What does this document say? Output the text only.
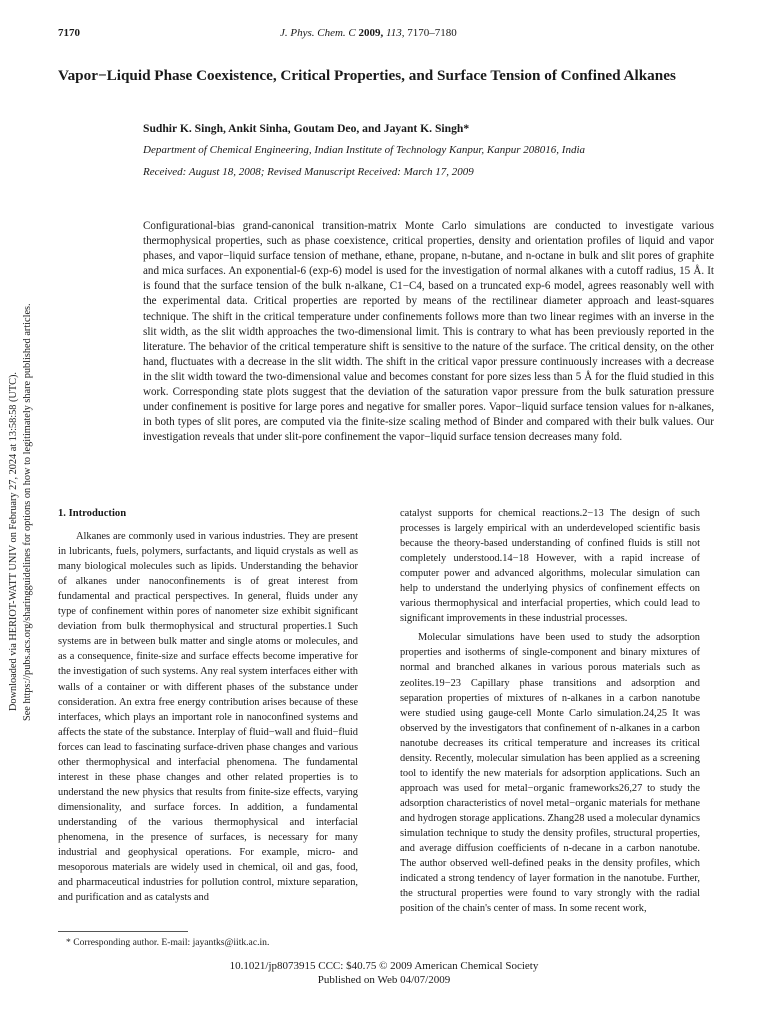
7170	J. Phys. Chem. C 2009, 113, 7170–7180
Vapor−Liquid Phase Coexistence, Critical Properties, and Surface Tension of Confined Alkanes
Sudhir K. Singh, Ankit Sinha, Goutam Deo, and Jayant K. Singh*
Department of Chemical Engineering, Indian Institute of Technology Kanpur, Kanpur 208016, India
Received: August 18, 2008; Revised Manuscript Received: March 17, 2009
Configurational-bias grand-canonical transition-matrix Monte Carlo simulations are conducted to investigate various thermophysical properties, such as phase coexistence, critical properties, density and orientation profiles of liquid and vapor phases, and vapor−liquid surface tension of methane, ethane, propane, n-butane, and n-octane in bulk and slit pores of graphite and mica surfaces. An exponential-6 (exp-6) model is used for the investigation of normal alkanes with a cutoff radius, 15 Å. It is found that the surface tension of the bulk n-alkane, C1−C4, based on a truncated exp-6 model, agrees reasonably well with the experimental data. Critical properties are reported by means of the rectilinear diameter approach and least-squares technique. The shift in the critical temperature under confinements follows more than two linear regimes with an inverse in the slit width, as the slit width approaches the two-dimensional limit. This is contrary to what has been previously reported in the literature. The behavior of the critical temperature shift is sensitive to the nature of the surface. The critical density, on the other hand, fluctuates with a decrease in the slit width. The shift in the critical vapor pressure continuously increases with a decrease in the slit width toward the two-dimensional value and becomes constant for pore sizes less than 5 Å for the fluid studied in this work. Corresponding state plots suggest that the deviation of the saturation vapor pressure from the bulk saturation pressure under confinement is positive for large pores and negative for smaller pores. Vapor−liquid surface tension values for n-alkanes, in both types of slit pores, are computed via the finite-size scaling method of Binder and compared with their bulk values. Our investigation reveals that under slit-pore confinement the vapor−liquid surface tension decreases many fold.
Downloaded via HERIOT-WATT UNIV on February 27, 2024 at 13:58:58 (UTC). See https://pubs.acs.org/sharingguidelines for options on how to legitimately share published articles. 1. Introduction

Alkanes are commonly used in various industries. They are present in lubricants, fuels, polymers, surfactants, and liquid crystals as well as many biological molecules such as lipids. Understanding the behavior of alkanes under nanoconfinements is of great interest from fundamental and practical perspectives. In general, fluids under any type of confinement within pores of nanometer size exhibit significant deviation from bulk thermophysical and structural properties.1 Such systems are in between bulk matter and single atoms or molecules, and as a consequence, finite-size and surface effects become imperative for the investigation of such systems. Any real system interfaces either with walls of a container or with different phases of the substance under consideration. An extra free energy contribution arises because of these interfaces, which plays an important role in nanoconfined systems and affects the state of the substance. Interplay of fluid−wall and fluid−fluid forces can lead to fascinating surface-driven phase changes and various other thermophysical and interfacial phenomena. The fundamental interest in these phase changes and other related properties is to understand the new physics that results from finite-size effects, varying dimensionality, and surface forces. In addition, a fundamental understanding of the various thermophysical and interfacial phenomena, in the presence of surfaces, is necessary for many industrial and geophysical operations. For example, micro- and mesoporous materials are widely used in chemical, oil and gas, food, and pharmaceutical industries for pollution control, mixture separation, and purification and as catalysts and

catalyst supports for chemical reactions.2−13 The design of such processes is largely empirical with an underdeveloped scientific basis because the theory-based understanding of confined fluids is still not completely understood.14−18 However, with a rapid increase of computer power and advanced algorithms, molecular simulation can help to understand the underlying physics of confinement effects on various thermophysical and interfacial properties, which could lead to significant improvements in these industrial processes.

Molecular simulations have been used to study the adsorption properties and isotherms of single-component and binary mixtures of normal and branched alkanes in various porous materials such as zeolites.19−23 Capillary phase transitions and adsorption and separation properties of mixtures of n-alkanes in a carbon nanotube were studied using gauge-cell Monte Carlo simulation.24,25 It was observed by the investigators that confinement of n-alkanes in a carbon nanotube decreases its critical temperature and increases its critical density. Recently, molecular simulation has been applied as a screening tool to identify the new materials for adsorption applications. Such an approach was used for metal−organic frameworks26,27 to study the adsorption characteristics of novel metal−organic materials for methane and hydrogen storage applications. Zhang28 used a molecular dynamics simulation technique to study the density profiles, structural properties, and average diffusion coefficients of n-decane in a carbon nanotube. The author observed well-defined peaks in the density profiles, which indicated a strong tendency of layer formation in the nanotube. Further, the structural properties were found to vary strongly with the radial position of the chain's center of mass. In some recent work,

* Corresponding author. E-mail: jayantks@iitk.ac.in.
10.1021/jp8073915 CCC: $40.75 © 2009 American Chemical Society
Published on Web 04/07/2009
